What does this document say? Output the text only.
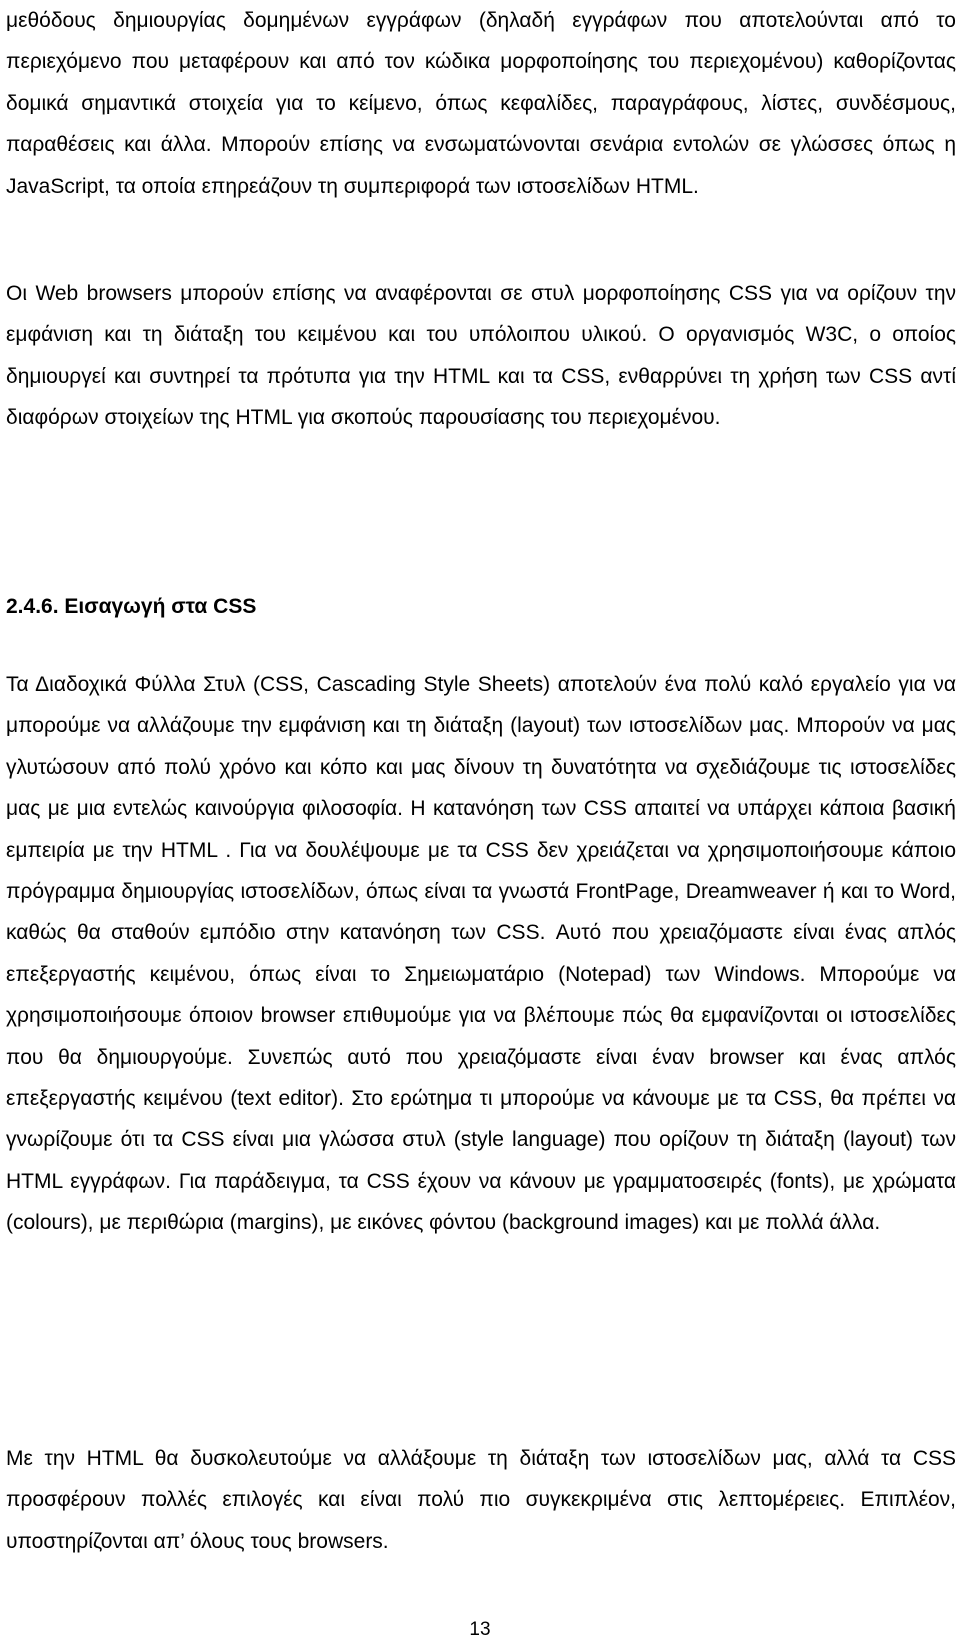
μεθόδους δημιουργίας δομημένων εγγράφων (δηλαδή εγγράφων που αποτελούνται από το περιεχόμενο που μεταφέρουν και από τον κώδικα μορφοποίησης του περιεχομένου) καθορίζοντας δομικά σημαντικά στοιχεία για το κείμενο, όπως κεφαλίδες, παραγράφους, λίστες, συνδέσμους, παραθέσεις και άλλα. Μπορούν επίσης να ενσωματώνονται σενάρια εντολών σε γλώσσες όπως η JavaScript, τα οποία επηρεάζουν τη συμπεριφορά των ιστοσελίδων HTML.

Οι Web browsers μπορούν επίσης να αναφέρονται σε στυλ μορφοποίησης CSS για να ορίζουν την εμφάνιση και τη διάταξη του κειμένου και του υπόλοιπου υλικού. Ο οργανισμός W3C, ο οποίος δημιουργεί και συντηρεί τα πρότυπα για την HTML και τα CSS, ενθαρρύνει τη χρήση των CSS αντί διαφόρων στοιχείων της HTML για σκοπούς παρουσίασης του περιεχομένου.

2.4.6. Εισαγωγή στα CSS

Τα Διαδοχικά Φύλλα Στυλ (CSS, Cascading Style Sheets) αποτελούν ένα πολύ καλό εργαλείο για να μπορούμε να αλλάζουμε την εμφάνιση και τη διάταξη (layout) των ιστοσελίδων μας. Μπορούν να μας γλυτώσουν από πολύ χρόνο και κόπο και μας δίνουν τη δυνατότητα να σχεδιάζουμε τις ιστοσελίδες μας με μια εντελώς καινούργια φιλοσοφία. Η κατανόηση των CSS απαιτεί να υπάρχει κάποια βασική εμπειρία με την HTML . Για να δουλέψουμε με τα CSS δεν χρειάζεται να χρησιμοποιήσουμε κάποιο πρόγραμμα δημιουργίας ιστοσελίδων, όπως είναι τα γνωστά FrontPage, Dreamweaver ή και το Word, καθώς θα σταθούν εμπόδιο στην κατανόηση των CSS. Αυτό που χρειαζόμαστε είναι ένας απλός επεξεργαστής κειμένου, όπως είναι το Σημειωματάριο (Notepad) των Windows. Μπορούμε να χρησιμοποιήσουμε όποιον browser επιθυμούμε για να βλέπουμε πώς θα εμφανίζονται οι ιστοσελίδες που θα δημιουργούμε. Συνεπώς αυτό που χρειαζόμαστε είναι έναν browser και ένας απλός επεξεργαστής κειμένου (text editor). Στο ερώτημα τι μπορούμε να κάνουμε με τα CSS, θα πρέπει να γνωρίζουμε ότι τα CSS είναι μια γλώσσα στυλ (style language) που ορίζουν τη διάταξη (layout) των HTML εγγράφων. Για παράδειγμα, τα CSS έχουν να κάνουν με γραμματοσειρές (fonts), με χρώματα (colours), με περιθώρια (margins), με εικόνες φόντου (background images) και με πολλά άλλα.

Με την HTML θα δυσκολευτούμε να αλλάξουμε τη διάταξη των ιστοσελίδων μας, αλλά τα CSS προσφέρουν πολλές επιλογές και είναι πολύ πιο συγκεκριμένα στις λεπτομέρειες. Επιπλέον, υποστηρίζονται απ’ όλους τους browsers.

13
